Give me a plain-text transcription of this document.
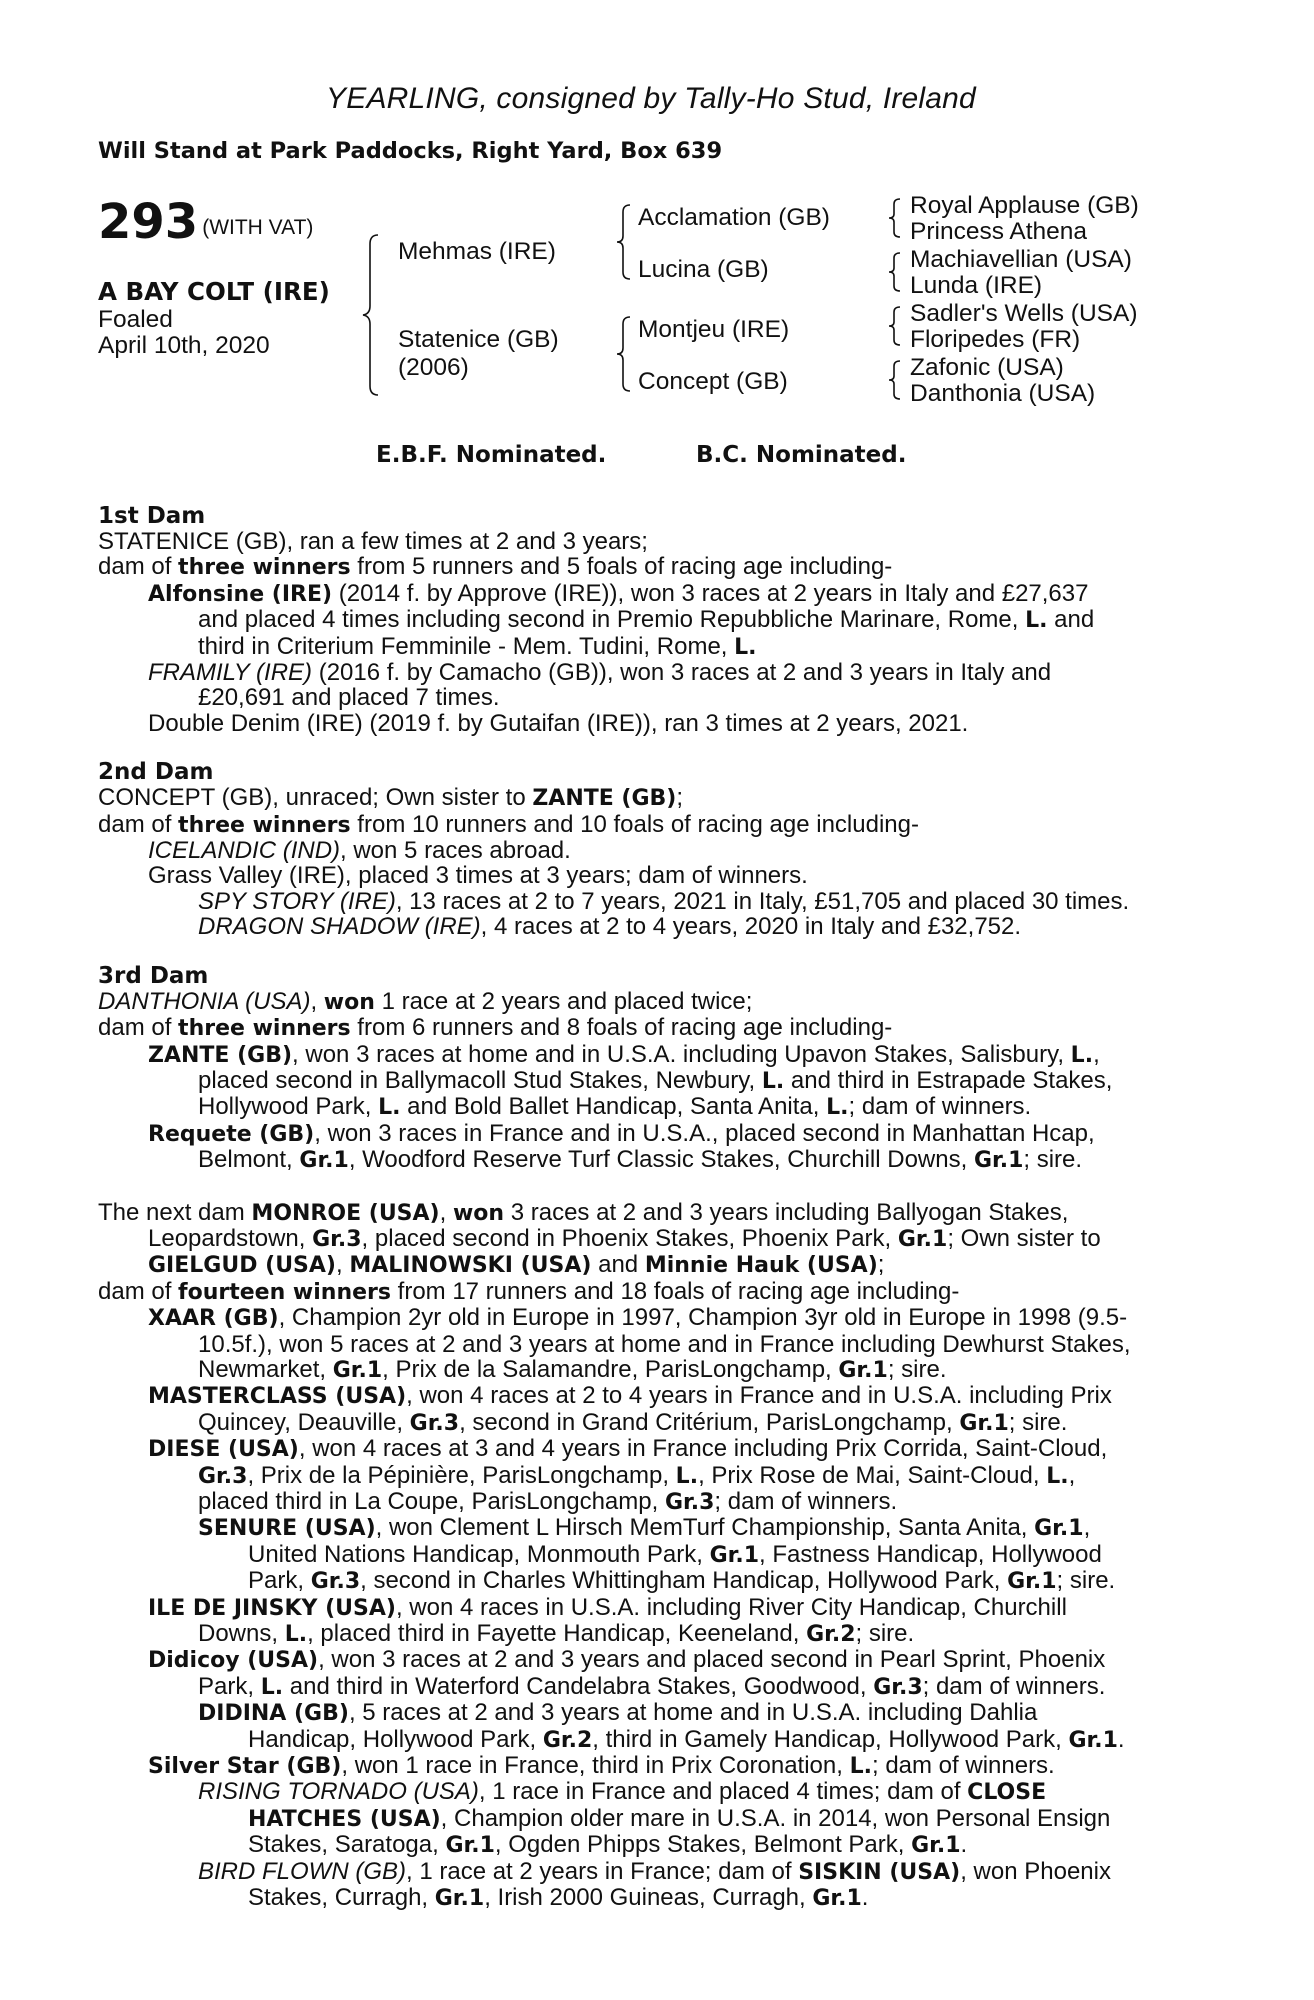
YEARLING, consigned by Tally-Ho Stud, Ireland
Will Stand at Park Paddocks, Right Yard, Box 639
293 (WITH VAT)
A BAY COLT (IRE)
Foaled
April 10th, 2020
Mehmas (IRE)
Statenice (GB)
(2006)
Acclamation (GB)
Lucina (GB)
Montjeu (IRE)
Concept (GB)
Royal Applause (GB)
Princess Athena
Machiavellian (USA)
Lunda (IRE)
Sadler's Wells (USA)
Floripedes (FR)
Zafonic (USA)
Danthonia (USA)
E.B.F. Nominated.	B.C. Nominated.
1st Dam
STATENICE (GB), ran a few times at 2 and 3 years;
dam of three winners from 5 runners and 5 foals of racing age including-
Alfonsine (IRE) (2014 f. by Approve (IRE)), won 3 races at 2 years in Italy and £27,637
and placed 4 times including second in Premio Repubbliche Marinare, Rome, L. and
third in Criterium Femminile - Mem. Tudini, Rome, L.
FRAMILY (IRE) (2016 f. by Camacho (GB)), won 3 races at 2 and 3 years in Italy and
£20,691 and placed 7 times.
Double Denim (IRE) (2019 f. by Gutaifan (IRE)), ran 3 times at 2 years, 2021.
2nd Dam
CONCEPT (GB), unraced; Own sister to ZANTE (GB);
dam of three winners from 10 runners and 10 foals of racing age including-
ICELANDIC (IND), won 5 races abroad.
Grass Valley (IRE), placed 3 times at 3 years; dam of winners.
SPY STORY (IRE), 13 races at 2 to 7 years, 2021 in Italy, £51,705 and placed 30 times.
DRAGON SHADOW (IRE), 4 races at 2 to 4 years, 2020 in Italy and £32,752.
3rd Dam
DANTHONIA (USA), won 1 race at 2 years and placed twice;
dam of three winners from 6 runners and 8 foals of racing age including-
ZANTE (GB), won 3 races at home and in U.S.A. including Upavon Stakes, Salisbury, L.,
placed second in Ballymacoll Stud Stakes, Newbury, L. and third in Estrapade Stakes,
Hollywood Park, L. and Bold Ballet Handicap, Santa Anita, L.; dam of winners.
Requete (GB), won 3 races in France and in U.S.A., placed second in Manhattan Hcap,
Belmont, Gr.1, Woodford Reserve Turf Classic Stakes, Churchill Downs, Gr.1; sire.
The next dam MONROE (USA), won 3 races at 2 and 3 years including Ballyogan Stakes,
Leopardstown, Gr.3, placed second in Phoenix Stakes, Phoenix Park, Gr.1; Own sister to
GIELGUD (USA), MALINOWSKI (USA) and Minnie Hauk (USA);
dam of fourteen winners from 17 runners and 18 foals of racing age including-
XAAR (GB), Champion 2yr old in Europe in 1997, Champion 3yr old in Europe in 1998 (9.5-
10.5f.), won 5 races at 2 and 3 years at home and in France including Dewhurst Stakes,
Newmarket, Gr.1, Prix de la Salamandre, ParisLongchamp, Gr.1; sire.
MASTERCLASS (USA), won 4 races at 2 to 4 years in France and in U.S.A. including Prix
Quincey, Deauville, Gr.3, second in Grand Critérium, ParisLongchamp, Gr.1; sire.
DIESE (USA), won 4 races at 3 and 4 years in France including Prix Corrida, Saint-Cloud,
Gr.3, Prix de la Pépinière, ParisLongchamp, L., Prix Rose de Mai, Saint-Cloud, L.,
placed third in La Coupe, ParisLongchamp, Gr.3; dam of winners.
SENURE (USA), won Clement L Hirsch MemTurf Championship, Santa Anita, Gr.1,
United Nations Handicap, Monmouth Park, Gr.1, Fastness Handicap, Hollywood
Park, Gr.3, second in Charles Whittingham Handicap, Hollywood Park, Gr.1; sire.
ILE DE JINSKY (USA), won 4 races in U.S.A. including River City Handicap, Churchill
Downs, L., placed third in Fayette Handicap, Keeneland, Gr.2; sire.
Didicoy (USA), won 3 races at 2 and 3 years and placed second in Pearl Sprint, Phoenix
Park, L. and third in Waterford Candelabra Stakes, Goodwood, Gr.3; dam of winners.
DIDINA (GB), 5 races at 2 and 3 years at home and in U.S.A. including Dahlia
Handicap, Hollywood Park, Gr.2, third in Gamely Handicap, Hollywood Park, Gr.1.
Silver Star (GB), won 1 race in France, third in Prix Coronation, L.; dam of winners.
RISING TORNADO (USA), 1 race in France and placed 4 times; dam of CLOSE
HATCHES (USA), Champion older mare in U.S.A. in 2014, won Personal Ensign
Stakes, Saratoga, Gr.1, Ogden Phipps Stakes, Belmont Park, Gr.1.
BIRD FLOWN (GB), 1 race at 2 years in France; dam of SISKIN (USA), won Phoenix
Stakes, Curragh, Gr.1, Irish 2000 Guineas, Curragh, Gr.1.
